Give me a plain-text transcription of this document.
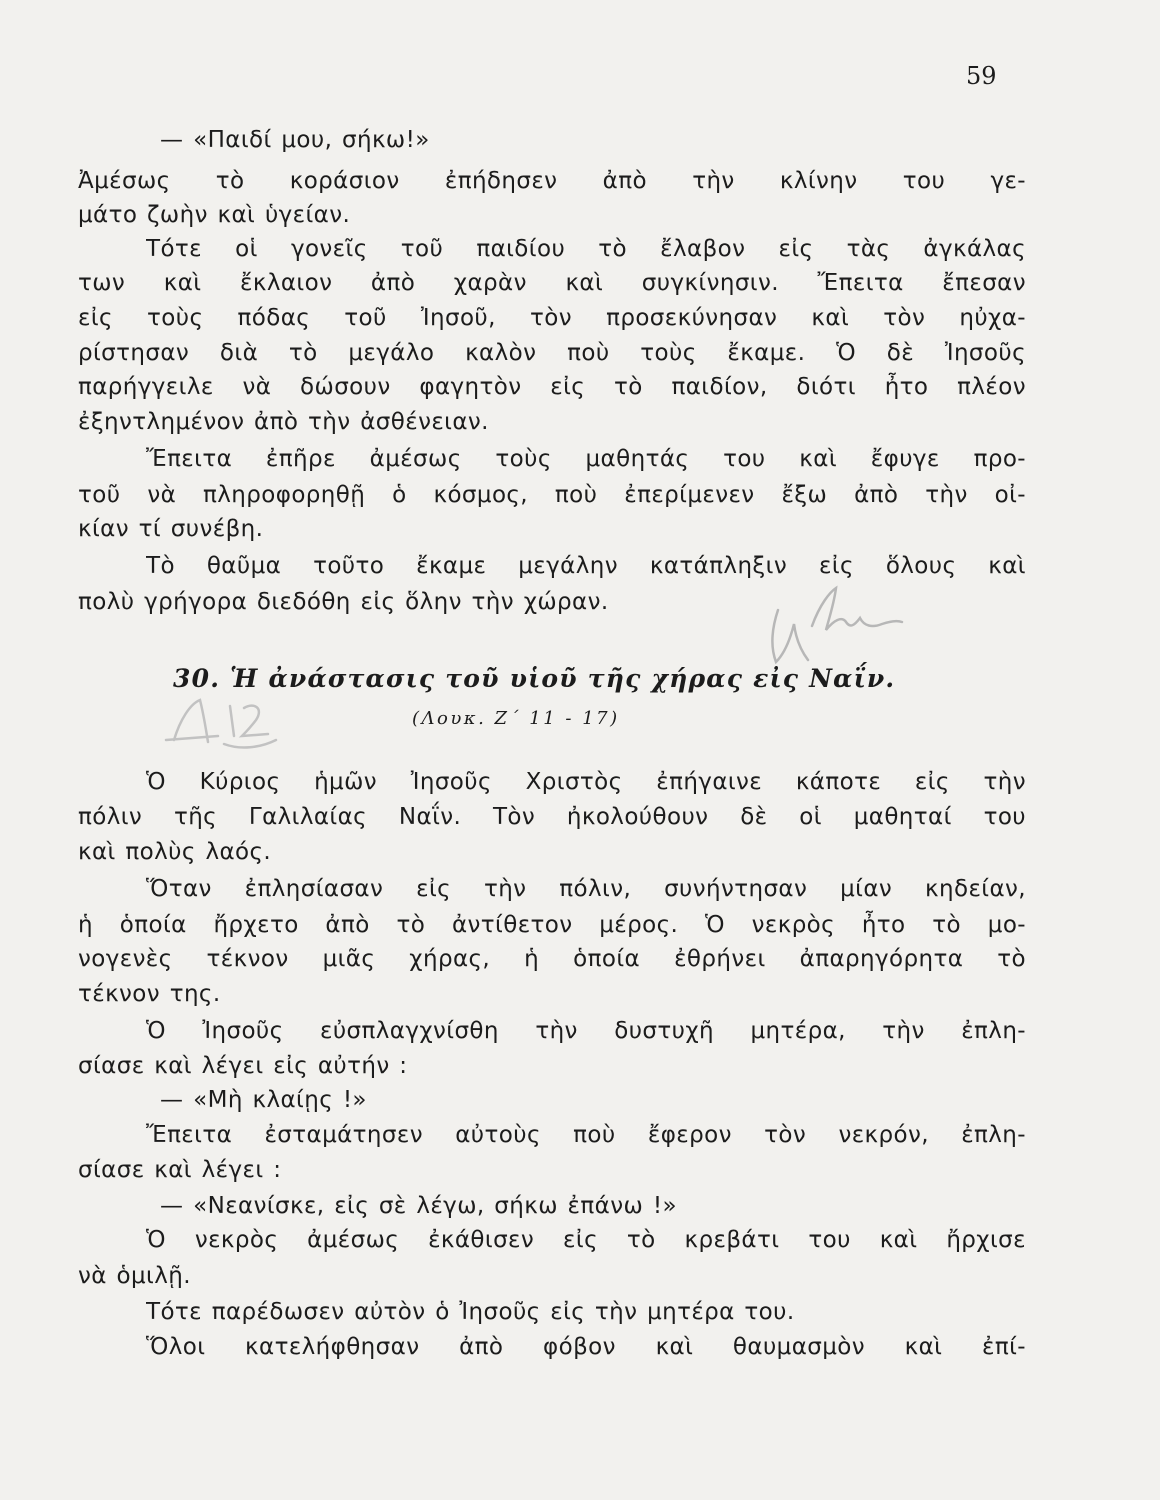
59
— «Παιδί μου, σήκω!»
Ἀμέσως τὸ κοράσιον ἐπήδησεν ἀπὸ τὴν κλίνην του γε-
μάτο ζωὴν καὶ ὑγείαν.
Τότε οἱ γονεῖς τοῦ παιδίου τὸ ἔλαβον εἰς τὰς ἀγκάλας
των καὶ ἔκλαιον ἀπὸ χαρὰν καὶ συγκίνησιν. Ἔπειτα ἔπεσαν
εἰς τοὺς πόδας τοῦ Ἰησοῦ, τὸν προσεκύνησαν καὶ τὸν ηὐχα-
ρίστησαν διὰ τὸ μεγάλο καλὸν ποὺ τοὺς ἔκαμε. Ὁ δὲ Ἰησοῦς
παρήγγειλε νὰ δώσουν φαγητὸν εἰς τὸ παιδίον, διότι ἦτο πλέον
ἐξηντλημένον ἀπὸ τὴν ἀσθένειαν.
Ἔπειτα ἐπῆρε ἀμέσως τοὺς μαθητάς του καὶ ἔφυγε προ-
τοῦ νὰ πληροφορηθῇ ὁ κόσμος, ποὺ ἐπερίμενεν ἔξω ἀπὸ τὴν οἰ-
κίαν τί συνέβη.
Τὸ θαῦμα τοῦτο ἔκαμε μεγάλην κατάπληξιν εἰς ὅλους καὶ
πολὺ γρήγορα διεδόθη εἰς ὅλην τὴν χώραν.
30. Ἡ ἀνάστασις τοῦ υἱοῦ τῆς χήρας εἰς Ναΐν.
(Λουκ. Ζ΄ 11 - 17)
Ὁ Κύριος ἡμῶν Ἰησοῦς Χριστὸς ἐπήγαινε κάποτε εἰς τὴν
πόλιν τῆς Γαλιλαίας Ναΐν. Τὸν ἠκολούθουν δὲ οἱ μαθηταί του
καὶ πολὺς λαός.
Ὅταν ἐπλησίασαν εἰς τὴν πόλιν, συνήντησαν μίαν κηδείαν,
ἡ ὁποία ἤρχετο ἀπὸ τὸ ἀντίθετον μέρος. Ὁ νεκρὸς ἦτο τὸ μο-
νογενὲς τέκνον μιᾶς χήρας, ἡ ὁποία ἐθρήνει ἀπαρηγόρητα τὸ
τέκνον της.
Ὁ Ἰησοῦς εὐσπλαγχνίσθη τὴν δυστυχῆ μητέρα, τὴν ἐπλη-
σίασε καὶ λέγει εἰς αὐτήν :
— «Μὴ κλαίῃς !»
Ἔπειτα ἐσταμάτησεν αὐτοὺς ποὺ ἔφερον τὸν νεκρόν, ἐπλη-
σίασε καὶ λέγει :
— «Νεανίσκε, εἰς σὲ λέγω, σήκω ἐπάνω !»
Ὁ νεκρὸς ἀμέσως ἐκάθισεν εἰς τὸ κρεβάτι του καὶ ἤρχισε
νὰ ὁμιλῇ.
Τότε παρέδωσεν αὐτὸν ὁ Ἰησοῦς εἰς τὴν μητέρα του.
Ὅλοι κατελήφθησαν ἀπὸ φόβον καὶ θαυμασμὸν καὶ ἐπί-
